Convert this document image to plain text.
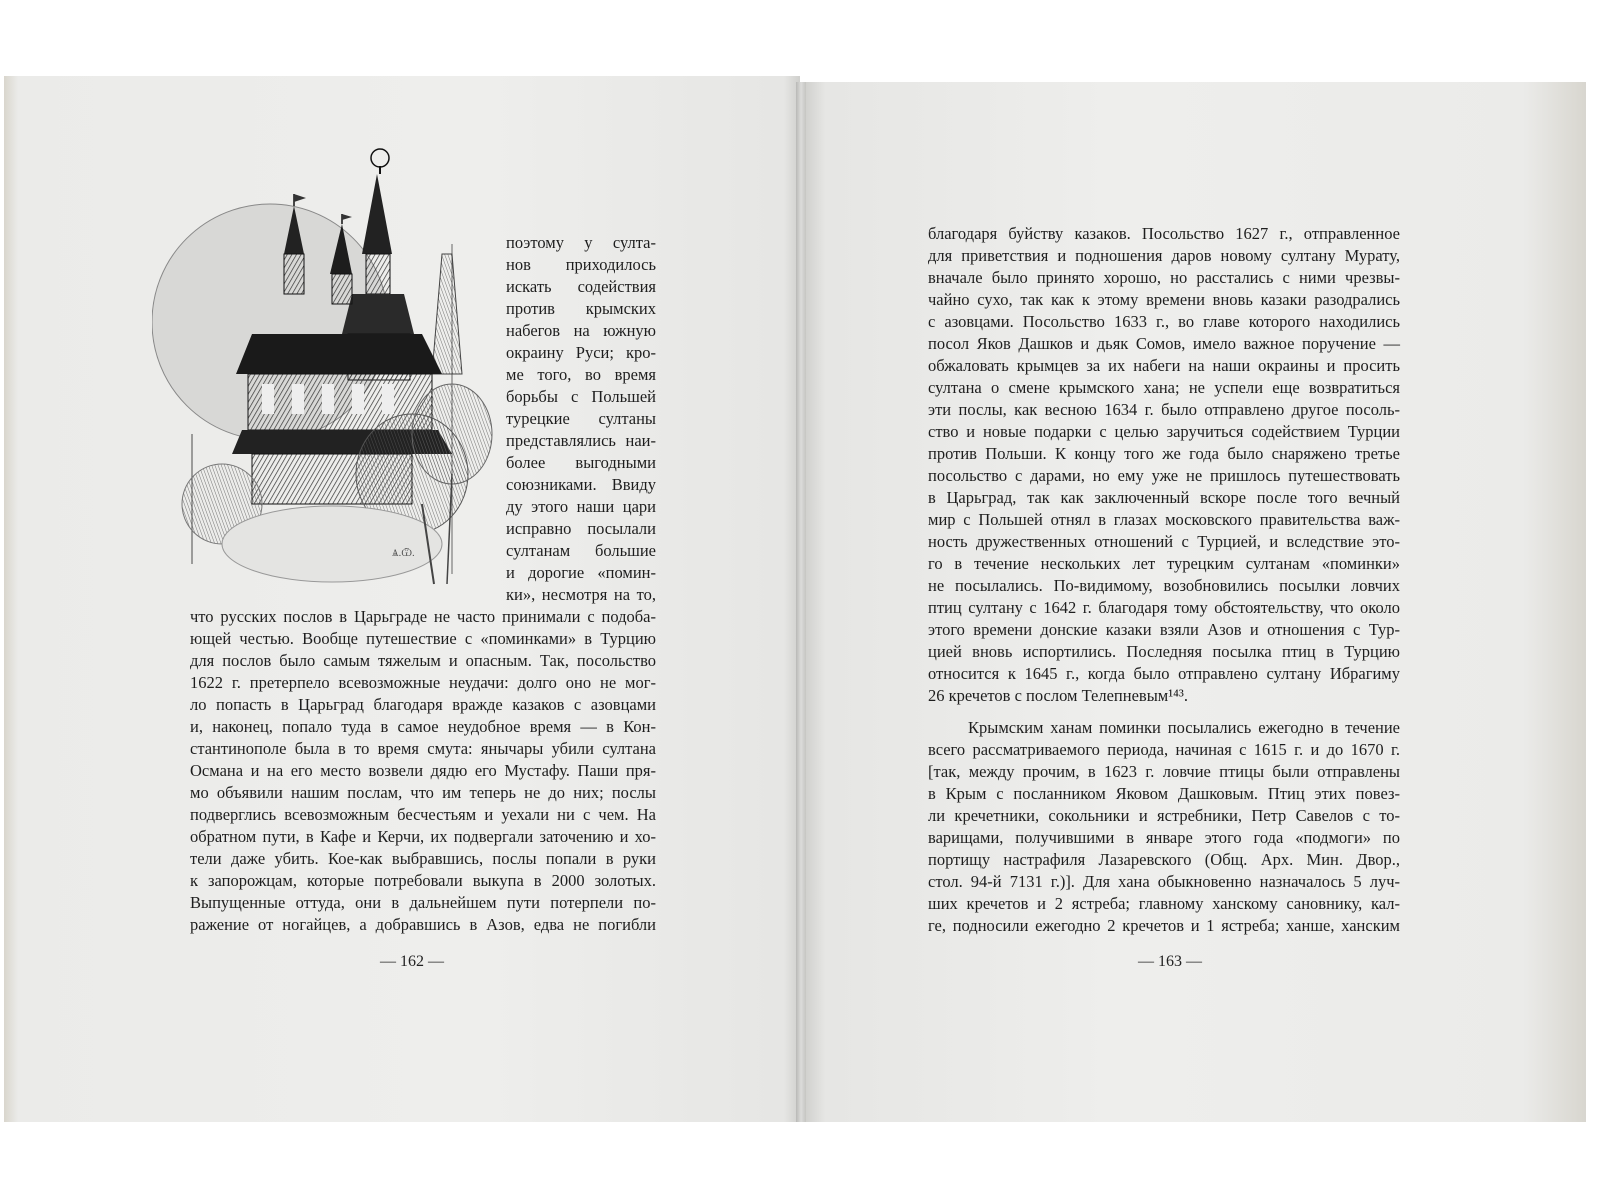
Ѧ.Ѿ.
поэтому у султа-
нов приходилось
искать содействия
против крымских
набегов на южную
окраину Руси; кро-
ме того, во время
борьбы с Польшей
турецкие султаны
представлялись наи-
более выгодными
союзниками. Ввиду
ду этого наши цари
исправно посылали
султанам большие
и дорогие «помин-
ки», несмотря на то,
что русских послов в Царьграде не часто принимали с подоба-
ющей честью. Вообще путешествие с «поминками» в Турцию
для послов было самым тяжелым и опасным. Так, посольство
1622 г. претерпело всевозможные неудачи: долго оно не мог-
ло попасть в Царьград благодаря вражде казаков с азовцами
и, наконец, попало туда в самое неудобное время — в Кон-
стантинополе была в то время смута: янычары убили султана
Османа и на его место возвели дядю его Мустафу. Паши пря-
мо объявили нашим послам, что им теперь не до них; послы
подверглись всевозможным бесчестьям и уехали ни с чем. На
обратном пути, в Кафе и Керчи, их подвергали заточению и хо-
тели даже убить. Кое-как выбравшись, послы попали в руки
к запорожцам, которые потребовали выкупа в 2000 золотых.
Выпущенные оттуда, они в дальнейшем пути потерпели по-
ражение от ногайцев, а добравшись в Азов, едва не погибли
— 162 —
благодаря буйству казаков. Посольство 1627 г., отправленное
для приветствия и подношения даров новому султану Мурату,
вначале было принято хорошо, но расстались с ними чрезвы-
чайно сухо, так как к этому времени вновь казаки разодрались
с азовцами. Посольство 1633 г., во главе которого находились
посол Яков Дашков и дьяк Сомов, имело важное поручение —
обжаловать крымцев за их набеги на наши окраины и просить
султана о смене крымского хана; не успели еще возвратиться
эти послы, как весною 1634 г. было отправлено другое посоль-
ство и новые подарки с целью заручиться содействием Турции
против Польши. К концу того же года было снаряжено третье
посольство с дарами, но ему уже не пришлось путешествовать
в Царьград, так как заключенный вскоре после того вечный
мир с Польшей отнял в глазах московского правительства важ-
ность дружественных отношений с Турцией, и вследствие это-
го в течение нескольких лет турецким султанам «поминки»
не посылались. По-видимому, возобновились посылки ловчих
птиц султану с 1642 г. благодаря тому обстоятельству, что около
этого времени донские казаки взяли Азов и отношения с Тур-
цией вновь испортились. Последняя посылка птиц в Турцию
относится к 1645 г., когда было отправлено султану Ибрагиму
26 кречетов с послом Телепневым¹⁴³.
Крымским ханам поминки посылались ежегодно в течение
всего рассматриваемого периода, начиная с 1615 г. и до 1670 г.
[так, между прочим, в 1623 г. ловчие птицы были отправлены
в Крым с посланником Яковом Дашковым. Птиц этих повез-
ли кречетники, сокольники и ястребники, Петр Савелов с то-
варищами, получившими в январе этого года «подмоги» по
портищу настрафиля Лазаревского (Общ. Арх. Мин. Двор.,
стол. 94-й 7131 г.)]. Для хана обыкновенно назначалось 5 луч-
ших кречетов и 2 ястреба; главному ханскому сановнику, кал-
ге, подносили ежегодно 2 кречетов и 1 ястреба; ханше, ханским
— 163 —
